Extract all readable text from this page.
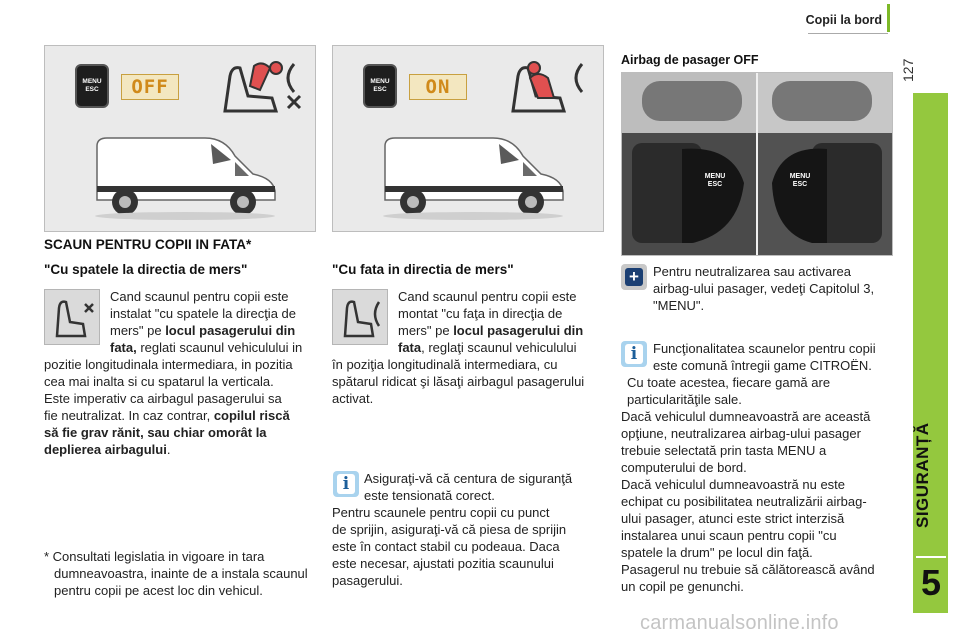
Copii la bord
127
SIGURANȚĂ
5
MENU
ESC	OFF	MENU
ESC	ON
Airbag de pasager OFF
MENU
ESC
MENU
ESC
SCAUN PENTRU COPII IN FATA*
"Cu spatele la directia de mers"
Cand scaunul pentru copii este
instalat "cu spatele la direcţia de
mers" pe locul pasagerului din
fata, reglati scaunul vehiculului in
pozitie longitudinala intermediara, in pozitia
cea mai inalta si cu spatarul la verticala.
Este imperativ ca airbagul pasagerului sa
fie neutralizat. In caz contrar, copilul riscă
să fie grav rănit, sau chiar omorât la
deplierea airbagului.
* Consultati legislatia in vigoare in tara
dumneavoastra, inainte de a instala scaunul
pentru copii pe acest loc din vehicul.
"Cu fata in directia de mers"
Cand scaunul pentru copii este
montat "cu faţa in direcţia de
mers" pe locul pasagerului din
fata, reglaţi scaunul vehiculului
în poziţia longitudinală intermediara, cu
spătarul ridicat şi lăsaţi airbagul pasagerului
activat.
i	Asiguraţi-vă că centura de siguranţă
este tensionată corect.
Pentru scaunele pentru copii cu punct
de sprijin, asiguraţi-vă că piesa de sprijin
este în contact stabil cu podeaua. Daca
este necesar, ajustati pozitia scaunului
pasagerului.
+	Pentru neutralizarea sau activarea
airbag-ului pasager, vedeţi Capitolul 3,
"MENU".
i	Funcţionalitatea scaunelor pentru copii
este comună întregii game CITROËN.
Cu toate acestea, fiecare gamă are
particularităţile sale.
Dacă vehiculul dumneavoastră are această
opţiune, neutralizarea airbag-ului pasager
trebuie selectată prin tasta MENU a
computerului de bord.
Dacă vehiculul dumneavoastră nu este
echipat cu posibilitatea neutralizării airbag-
ului pasager, atunci este strict interzisă
instalarea unui scaun pentru copii "cu
spatele la drum" pe locul din faţă.
Pasagerul nu trebuie să călătorească având
un copil pe genunchi.
carmanualsonline.info
